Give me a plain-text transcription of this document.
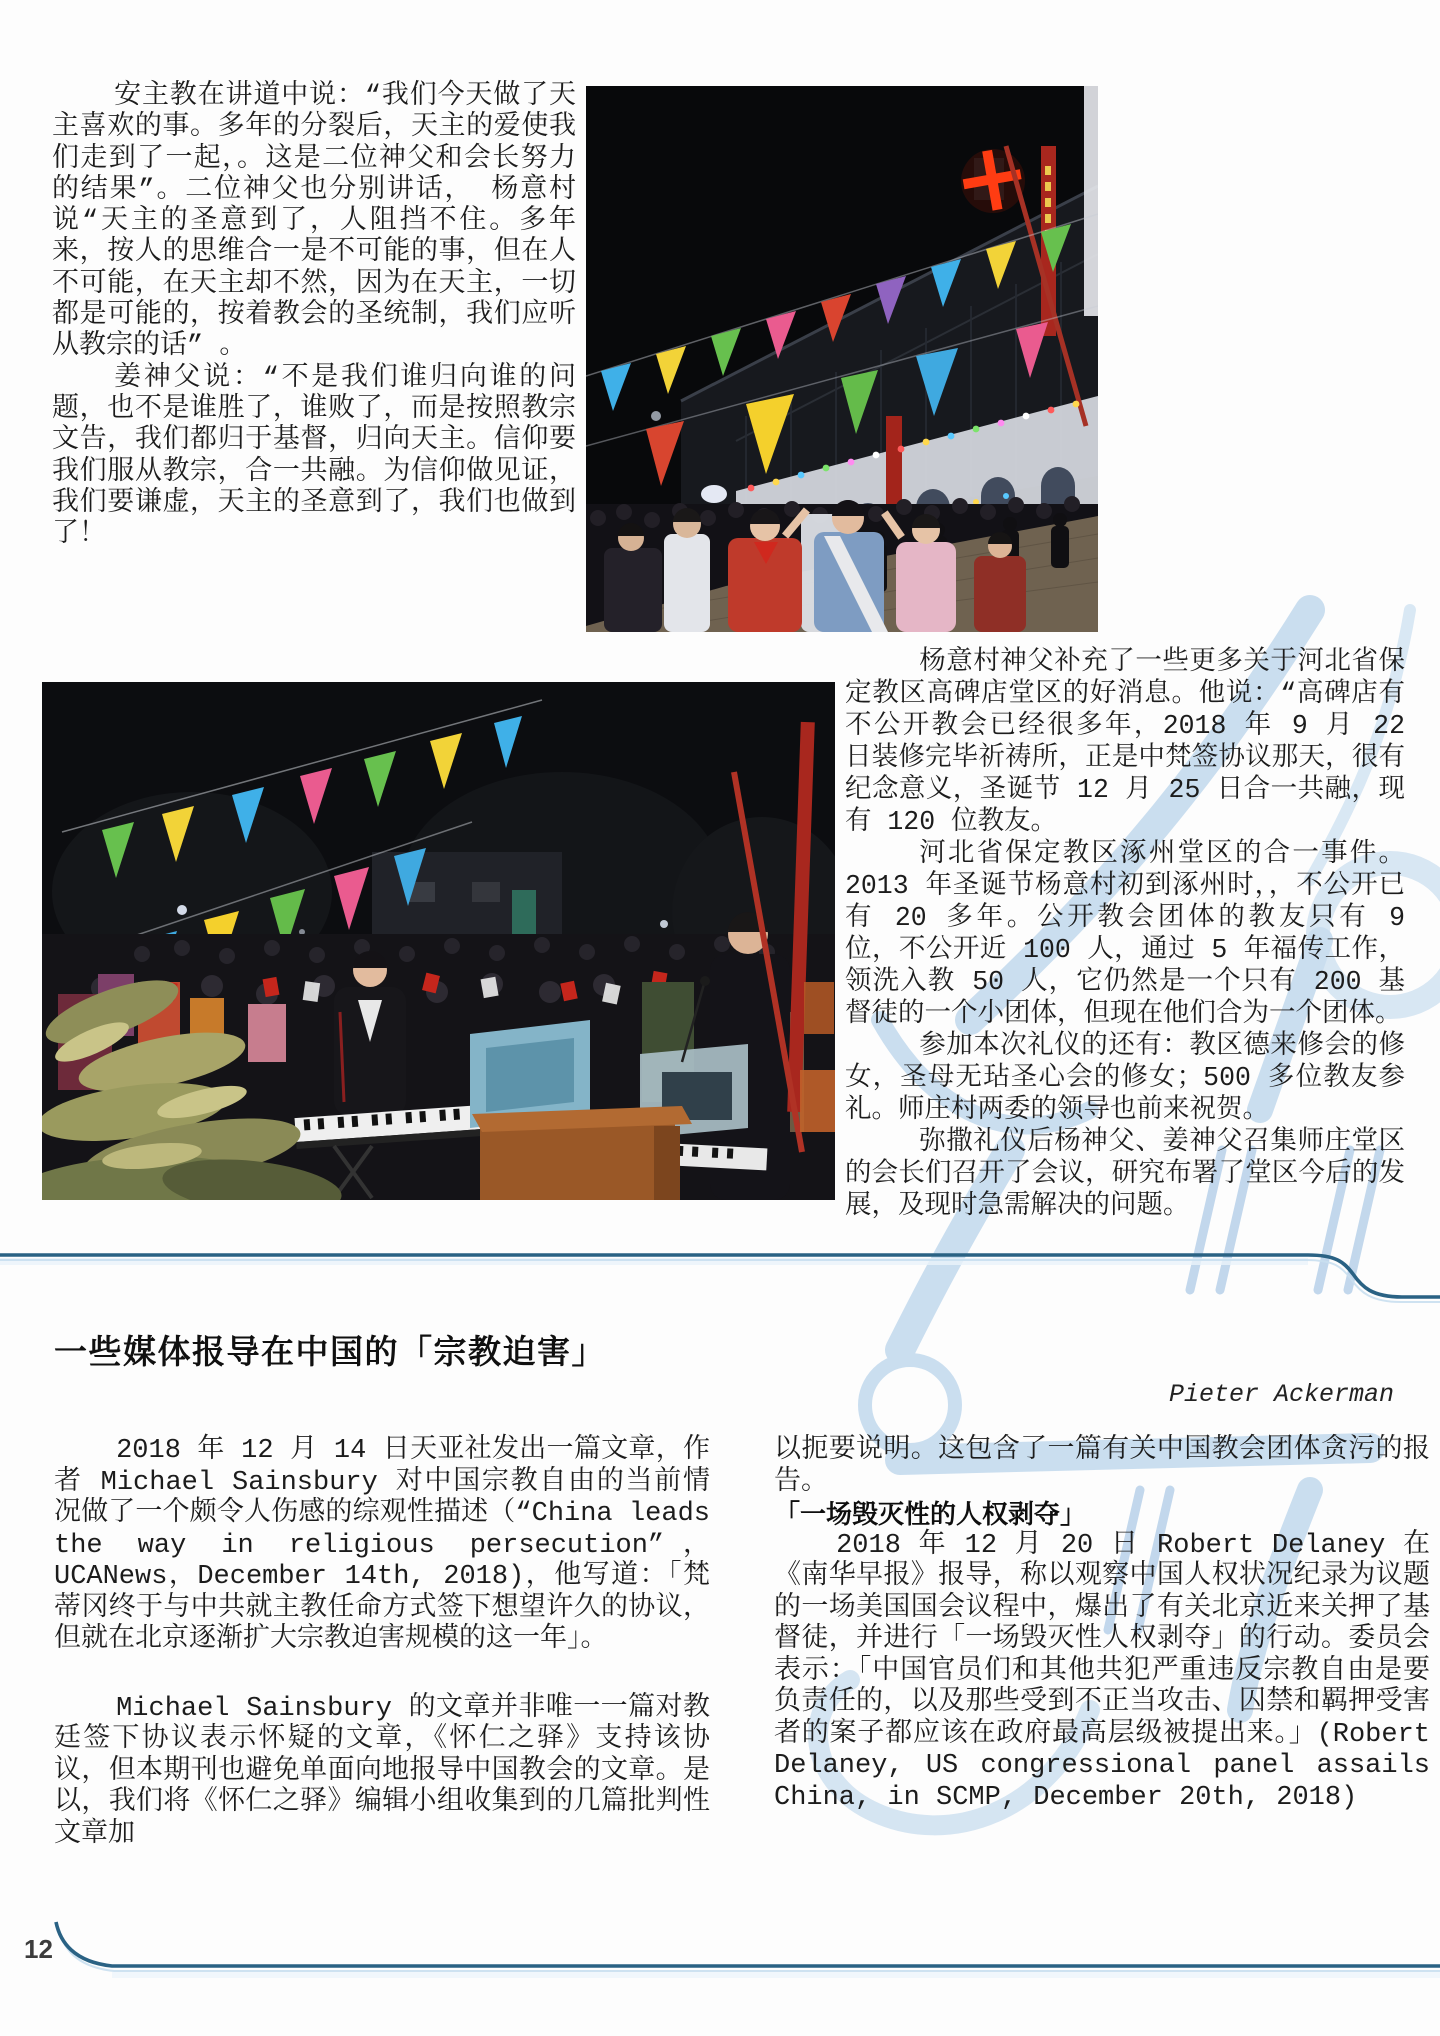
安主教在讲道中说：“我们今天做了天主喜欢的事。多年的分裂后，天主的爱使我们走到了一起，。这是二位神父和会长努力的结果”。二位神父也分别讲话， 杨意村说“天主的圣意到了，人阻挡不住。多年来，按人的思维合一是不可能的事，但在人不可能，在天主却不然，因为在天主，一切都是可能的，按着教会的圣统制，我们应听从教宗的话” 。

姜神父说：“不是我们谁归向谁的问题，也不是谁胜了，谁败了，而是按照教宗文告，我们都归于基督，归向天主。信仰要我们服从教宗，合一共融。为信仰做见证，我们要谦虚，天主的圣意到了，我们也做到了！

杨意村神父补充了一些更多关于河北省保定教区高碑店堂区的好消息。他说：“高碑店有不公开教会已经很多年，2018 年 9 月 22 日装修完毕祈祷所，正是中梵签协议那天，很有纪念意义，圣诞节 12 月 25 日合一共融，现有 120 位教友。

河北省保定教区涿州堂区的合一事件。2013 年圣诞节杨意村初到涿州时，，不公开已有 20 多年。公开教会团体的教友只有 9 位，不公开近 100 人，通过 5 年福传工作，领洗入教 50 人，它仍然是一个只有 200 基督徒的一个小团体，但现在他们合为一个团体。

参加本次礼仪的还有：教区德来修会的修女，圣母无玷圣心会的修女；500 多位教友参礼。师庄村两委的领导也前来祝贺。

弥撒礼仪后杨神父、姜神父召集师庄堂区的会长们召开了会议，研究布署了堂区今后的发展，及现时急需解决的问题。

一些媒体报导在中国的「宗教迫害」
Pieter Ackerman

2018 年 12 月 14 日天亚社发出一篇文章，作者 Michael Sainsbury 对中国宗教自由的当前情况做了一个颇令人伤感的综观性描述（“China leads the way in religious persecution”，UCANews，December 14th, 2018)，他写道：「梵蒂冈终于与中共就主教任命方式签下想望许久的协议，但就在北京逐渐扩大宗教迫害规模的这一年」。

Michael Sainsbury 的文章并非唯一一篇对教廷签下协议表示怀疑的文章，《怀仁之驿》支持该协议，但本期刊也避免单面向地报导中国教会的文章。是以，我们将《怀仁之驿》编辑小组收集到的几篇批判性文章加

以扼要说明。这包含了一篇有关中国教会团体贪污的报告。

「一场毁灭性的人权剥夺」

2018 年 12 月 20 日 Robert Delaney 在《南华早报》报导，称以观察中国人权状况纪录为议题的一场美国国会议程中，爆出了有关北京近来关押了基督徒，并进行「一场毁灭性人权剥夺」的行动。委员会表示：「中国官员们和其他共犯严重违反宗教自由是要负责任的，以及那些受到不正当攻击、囚禁和羁押受害者的案子都应该在政府最高层级被提出来。」(Robert Delaney, US congressional panel assails China, in SCMP, December 20th, 2018)

12
